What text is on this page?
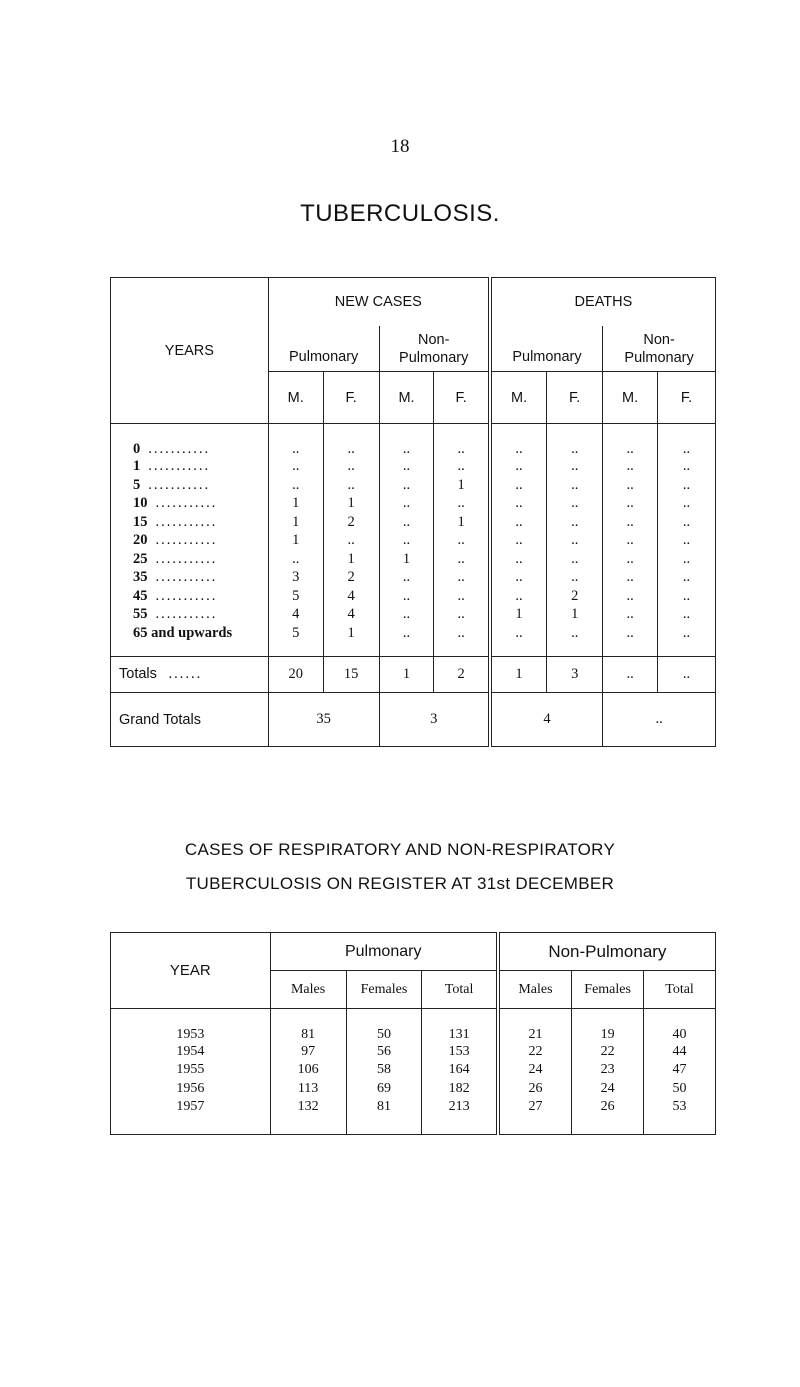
18
TUBERCULOSIS.
YEARS	NEW CASES				DEATHS			
	Pulmonary		Non-
Pulmonary		Pulmonary		Non-
Pulmonary	
	M.	F.	M.	F.	M.	F.	M.	F.
0 ...........	..	..	..	..	..	..	..	..
1 ...........	..	..	..	..	..	..	..	..
5 ...........	..	..	..	1	..	..	..	..
10 ...........	1	1	..	..	..	..	..	..
15 ...........	1	2	..	1	..	..	..	..
20 ...........	1	..	..	..	..	..	..	..
25 ...........	..	1	1	..	..	..	..	..
35 ...........	3	2	..	..	..	..	..	..
45 ...........	5	4	..	..	..	2	..	..
55 ...........	4	4	..	..	1	1	..	..
65 and upwards	5	1	..	..	..	..	..	..

Totals ......	20	15	1	2	1	3	..	..
Grand Totals	35		3		4		..	
CASES OF RESPIRATORY AND NON-RESPIRATORY
TUBERCULOSIS ON REGISTER AT 31st DECEMBER
YEAR	Pulmonary			Non-Pulmonary		
	Males	Females	Total	Males	Females	Total
1953	81	50	131	21	19	40
1954	97	56	153	22	22	44
1955	106	58	164	24	23	47
1956	113	69	182	26	24	50
1957	132	81	213	27	26	53
